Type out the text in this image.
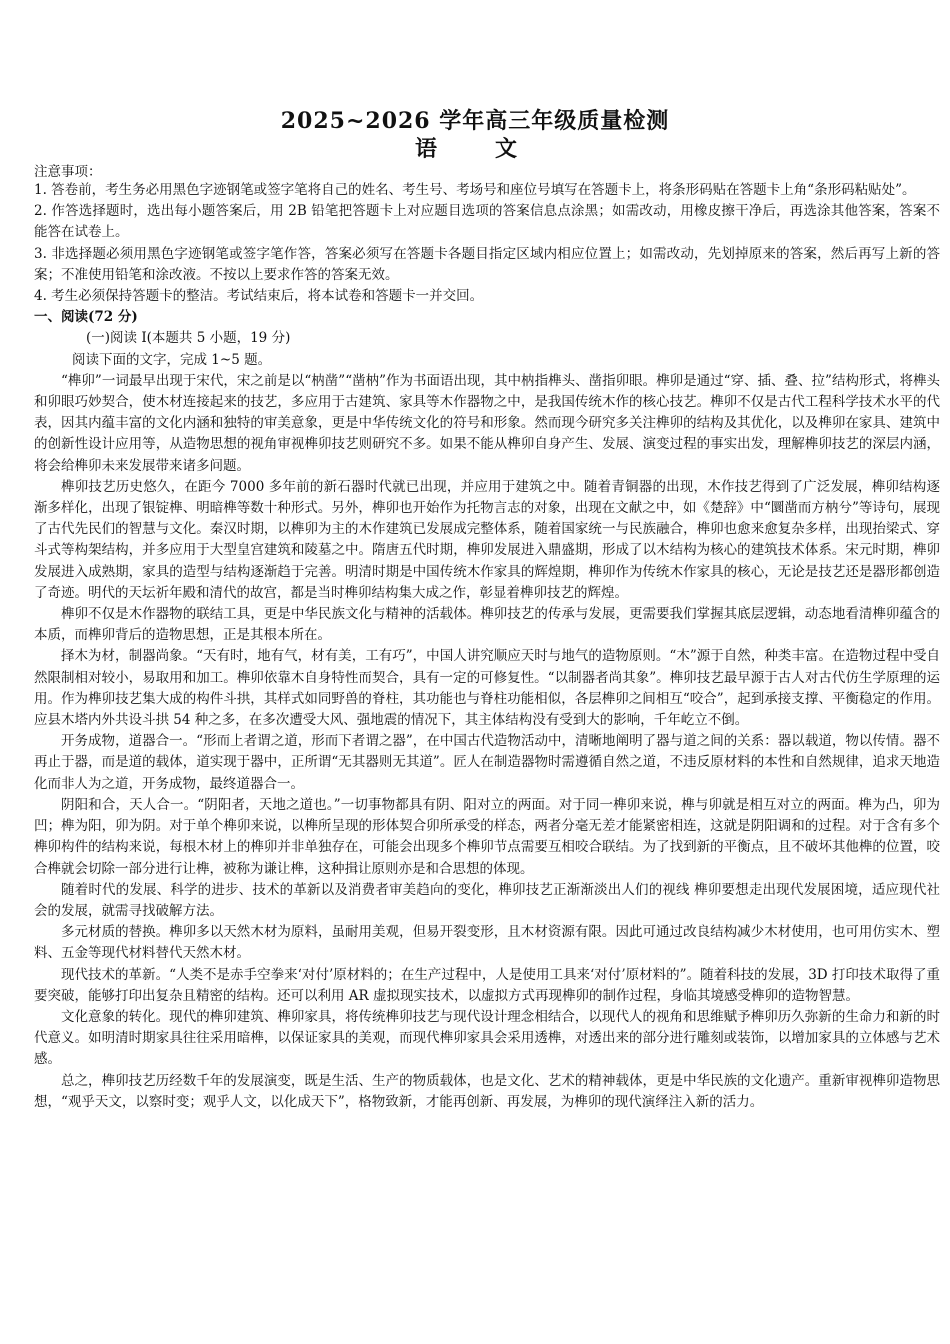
2025~2026 学年高三年级质量检测
语　文
注意事项：

1. 答卷前，考生务必用黑色字迹钢笔或签字笔将自己的姓名、考生号、考场号和座位号填写在答题卡上，将条形码贴在答题卡上角“条形码粘贴处”。

2. 作答选择题时，选出每小题答案后，用 2B 铅笔把答题卡上对应题目选项的答案信息点涂黑；如需改动，用橡皮擦干净后，再选涂其他答案，答案不能答在试卷上。

3. 非选择题必须用黑色字迹钢笔或签字笔作答，答案必须写在答题卡各题目指定区域内相应位置上；如需改动，先划掉原来的答案，然后再写上新的答案；不准使用铅笔和涂改液。不按以上要求作答的答案无效。

4. 考生必须保持答题卡的整洁。考试结束后，将本试卷和答题卡一并交回。

一、阅读(72 分)

(一)阅读 I(本题共 5 小题，19 分)

阅读下面的文字，完成 1~5 题。

“榫卯”一词最早出现于宋代，宋之前是以“枘凿”“凿枘”作为书面语出现，其中枘指榫头、凿指卯眼。榫卯是通过“穿、插、叠、拉”结构形式，将榫头和卯眼巧妙契合，使木材连接起来的技艺，多应用于古建筑、家具等木作器物之中，是我国传统木作的核心技艺。榫卯不仅是古代工程科学技术水平的代表，因其内蕴丰富的文化内涵和独特的审美意象，更是中华传统文化的符号和形象。然而现今研究多关注榫卯的结构及其优化，以及榫卯在家具、建筑中的创新性设计应用等，从造物思想的视角审视榫卯技艺则研究不多。如果不能从榫卯自身产生、发展、演变过程的事实出发，理解榫卯技艺的深层内涵，将会给榫卯未来发展带来诸多问题。

榫卯技艺历史悠久，在距今 7000 多年前的新石器时代就已出现，并应用于建筑之中。随着青铜器的出现，木作技艺得到了广泛发展，榫卯结构逐渐多样化，出现了银锭榫、明暗榫等数十种形式。另外，榫卯也开始作为托物言志的对象，出现在文献之中，如《楚辞》中“圜凿而方枘兮”等诗句，展现了古代先民们的智慧与文化。秦汉时期，以榫卯为主的木作建筑已发展成完整体系，随着国家统一与民族融合，榫卯也愈来愈复杂多样，出现抬梁式、穿斗式等构架结构，并多应用于大型皇宫建筑和陵墓之中。隋唐五代时期，榫卯发展进入鼎盛期，形成了以木结构为核心的建筑技术体系。宋元时期，榫卯发展进入成熟期，家具的造型与结构逐渐趋于完善。明清时期是中国传统木作家具的辉煌期，榫卯作为传统木作家具的核心，无论是技艺还是器形都创造了奇迹。明代的天坛祈年殿和清代的故宫，都是当时榫卯结构集大成之作，彰显着榫卯技艺的辉煌。

榫卯不仅是木作器物的联结工具，更是中华民族文化与精神的活载体。榫卯技艺的传承与发展，更需要我们掌握其底层逻辑，动态地看清榫卯蕴含的本质，而榫卯背后的造物思想，正是其根本所在。

择木为材，制器尚象。“天有时，地有气，材有美，工有巧”，中国人讲究顺应天时与地气的造物原则。“木”源于自然，种类丰富。在造物过程中受自然限制相对较小，易取用和加工。榫卯依靠木自身特性而契合，具有一定的可修复性。“以制器者尚其象”。榫卯技艺最早源于古人对古代仿生学原理的运用。作为榫卯技艺集大成的构件斗拱，其样式如同野兽的脊柱，其功能也与脊柱功能相似，各层榫卯之间相互“咬合”，起到承接支撑、平衡稳定的作用。应县木塔内外共设斗拱 54 种之多，在多次遭受大风、强地震的情况下，其主体结构没有受到大的影响，千年屹立不倒。

开务成物，道器合一。“形而上者谓之道，形而下者谓之器”，在中国古代造物活动中，清晰地阐明了器与道之间的关系：器以载道，物以传情。器不再止于器，而是道的载体，道实现于器中，正所谓“无其器则无其道”。匠人在制造器物时需遵循自然之道，不违反原材料的本性和自然规律，追求天地造化而非人为之道，开务成物，最终道器合一。

阴阳和合，天人合一。“阴阳者，天地之道也。”一切事物都具有阴、阳对立的两面。对于同一榫卯来说，榫与卯就是相互对立的两面。榫为凸，卯为凹；榫为阳，卯为阴。对于单个榫卯来说，以榫所呈现的形体契合卯所承受的样态，两者分毫无差才能紧密相连，这就是阴阳调和的过程。对于含有多个榫卯构件的结构来说，每根木材上的榫卯并非单独存在，可能会出现多个榫卯节点需要互相咬合联结。为了找到新的平衡点，且不破坏其他榫的位置，咬合榫就会切除一部分进行让榫，被称为谦让榫，这种揖让原则亦是和合思想的体现。

随着时代的发展、科学的进步、技术的革新以及消费者审美趋向的变化，榫卯技艺正渐渐淡出人们的视线 榫卯要想走出现代发展困境，适应现代社会的发展，就需寻找破解方法。

多元材质的替换。榫卯多以天然木材为原料，虽耐用美观，但易开裂变形，且木材资源有限。因此可通过改良结构减少木材使用，也可用仿实木、塑料、五金等现代材料替代天然木材。

现代技术的革新。“人类不是赤手空拳来‘对付’原材料的；在生产过程中，人是使用工具来‘对付’原材料的”。随着科技的发展，3D 打印技术取得了重要突破，能够打印出复杂且精密的结构。还可以利用 AR 虚拟现实技术，以虚拟方式再现榫卯的制作过程，身临其境感受榫卯的造物智慧。

文化意象的转化。现代的榫卯建筑、榫卯家具，将传统榫卯技艺与现代设计理念相结合，以现代人的视角和思维赋予榫卯历久弥新的生命力和新的时代意义。如明清时期家具往往采用暗榫，以保证家具的美观，而现代榫卯家具会采用透榫，对透出来的部分进行雕刻或装饰，以增加家具的立体感与艺术感。

总之，榫卯技艺历经数千年的发展演变，既是生活、生产的物质载体，也是文化、艺术的精神载体，更是中华民族的文化遗产。重新审视榫卯造物思想，“观乎天文，以察时变；观乎人文，以化成天下”，格物致新，才能再创新、再发展，为榫卯的现代演绎注入新的活力。
